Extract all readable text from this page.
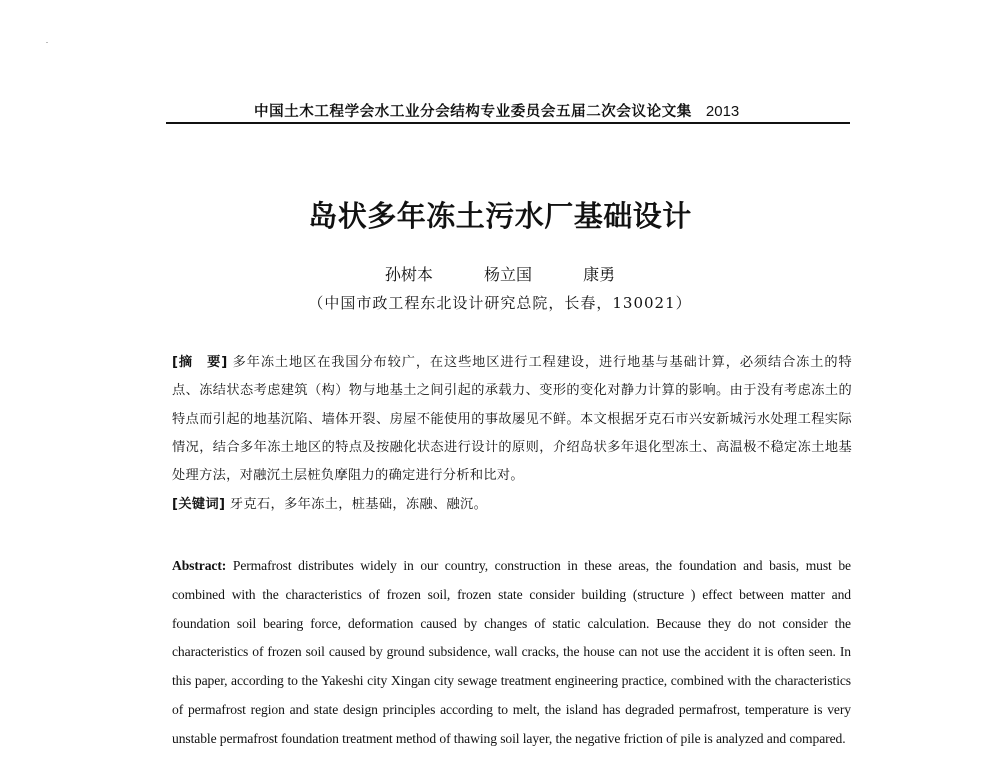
中国土木工程学会水工业分会结构专业委员会五届二次会议论文集 2013
岛状多年冻土污水厂基础设计
孙树本	杨立国	康勇
（中国市政工程东北设计研究总院，长春，130021）
[摘　要] 多年冻土地区在我国分布较广，在这些地区进行工程建设，进行地基与基础计算，必须结合冻土的特点、冻结状态考虑建筑（构）物与地基土之间引起的承载力、变形的变化对静力计算的影响。由于没有考虑冻土的特点而引起的地基沉陷、墙体开裂、房屋不能使用的事故屡见不鲜。本文根据牙克石市兴安新城污水处理工程实际情况，结合多年冻土地区的特点及按融化状态进行设计的原则，介绍岛状多年退化型冻土、高温极不稳定冻土地基处理方法，对融沉土层桩负摩阻力的确定进行分析和比对。
[关键词] 牙克石，多年冻土，桩基础，冻融、融沉。
Abstract: Permafrost distributes widely in our country, construction in these areas, the foundation and basis, must be combined with the characteristics of frozen soil, frozen state consider building (structure ) effect between matter and foundation soil bearing force, deformation caused by changes of static calculation. Because they do not consider the characteristics of frozen soil caused by ground subsidence, wall cracks, the house can not use the accident it is often seen. In this paper, according to the Yakeshi city Xingan city sewage treatment engineering practice, combined with the characteristics of permafrost region and state design principles according to melt, the island has degraded permafrost, temperature is very unstable permafrost foundation treatment method of thawing soil layer, the negative friction of pile is analyzed and compared.
